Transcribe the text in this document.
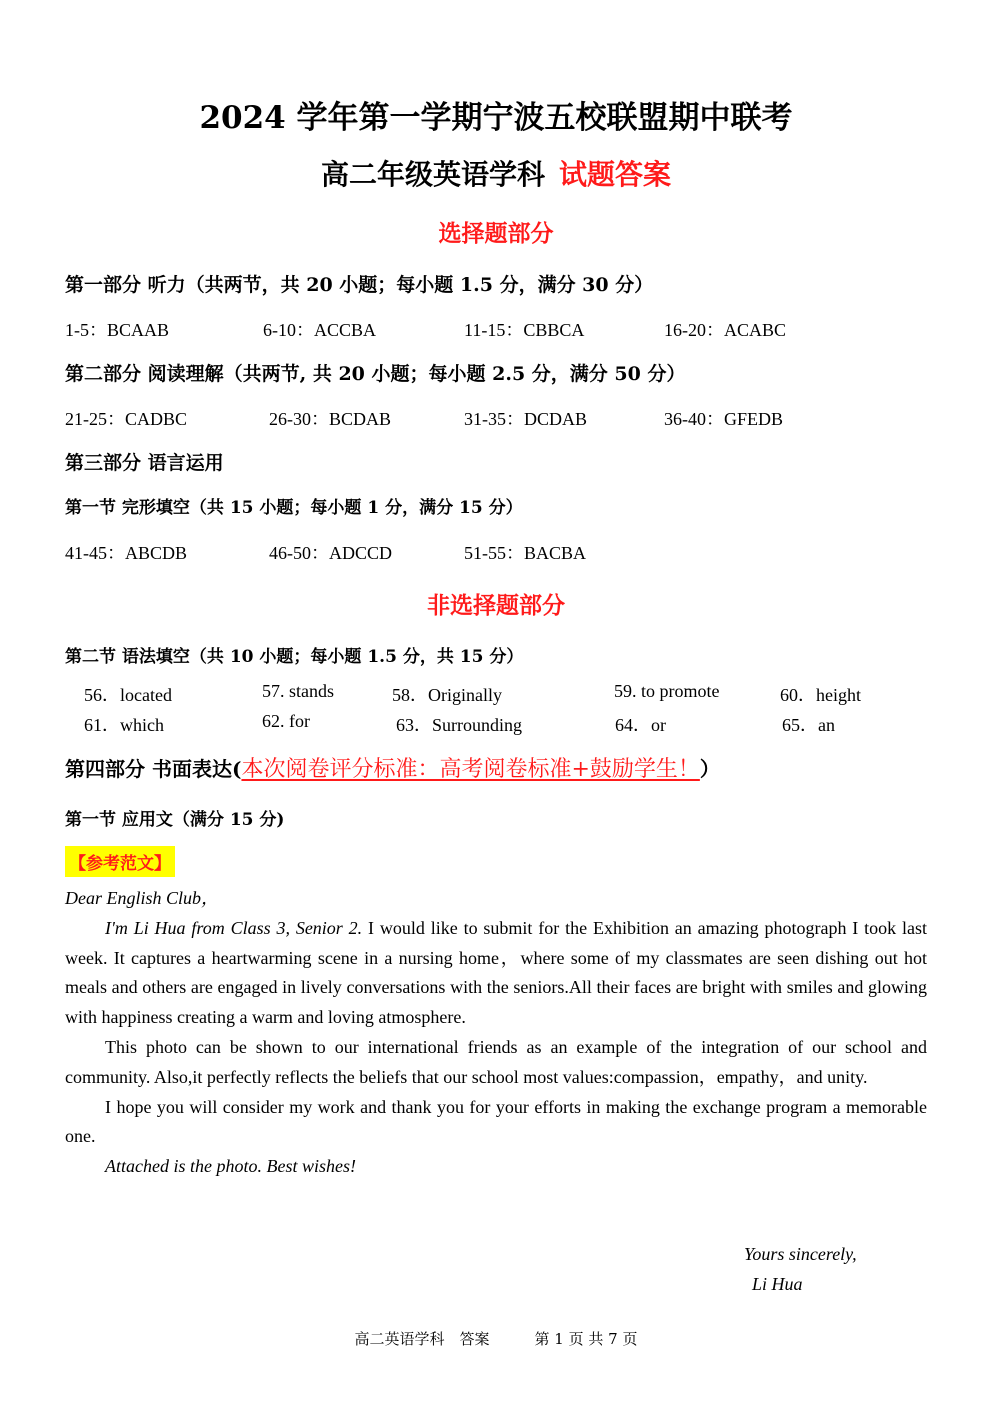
2024 学年第一学期宁波五校联盟期中联考
高二年级英语学科 试题答案
选择题部分
第一部分 听力（共两节，共 20 小题；每小题 1.5 分，满分 30 分）
1-5：BCAAB	6-10：ACCBA	11-15：CBBCA	16-20：ACABC
第二部分 阅读理解（共两节, 共 20 小题；每小题 2.5 分，满分 50 分）
21-25：CADBC	26-30：BCDAB	31-35：DCDAB	36-40：GFEDB
第三部分 语言运用
第一节 完形填空（共 15 小题；每小题 1 分，满分 15 分）
41-45：ABCDB	46-50：ADCCD	51-55：BACBA
非选择题部分
第二节 语法填空（共 10 小题；每小题 1.5 分，共 15 分）
56．located	57. stands	58．Originally	59. to promote	60．height
61．which	62. for	63．Surrounding	64．or	65．an
第四部分 书面表达(本次阅卷评分标准：高考阅卷标准+鼓励学生！）
第一节 应用文（满分 15 分)
【参考范文】

Dear English Club，

I'm Li Hua from Class 3, Senior 2. I would like to submit for the Exhibition an amazing photograph I took last week. It captures a heartwarming scene in a nursing home，where some of my classmates are seen dishing out hot meals and others are engaged in lively conversations with the seniors.All their faces are bright with smiles and glowing with happiness creating a warm and loving atmosphere.

This photo can be shown to our international friends as an example of the integration of our school and community. Also,it perfectly reflects the beliefs that our school most values:compassion，empathy，and unity.

I hope you will consider my work and thank you for your efforts in making the exchange program a memorable one.

Attached is the photo. Best wishes!

Yours sincerely,
Li Hua
高二英语学科　答案　　　第 1 页 共 7 页
